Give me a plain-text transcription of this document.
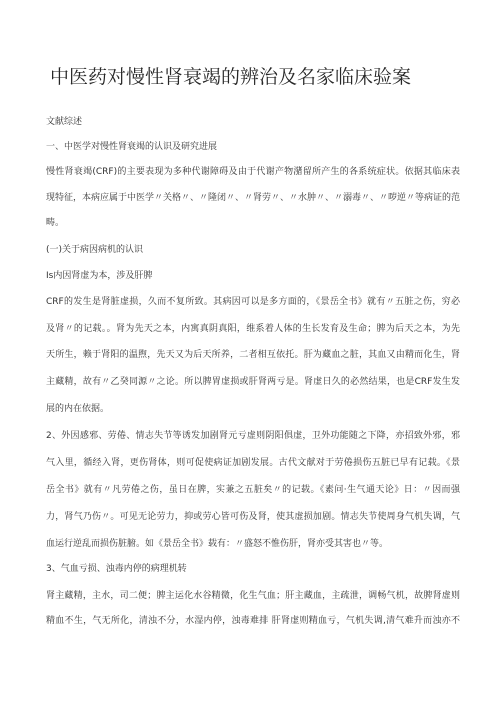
中医药对慢性肾衰竭的辨治及名家临床验案
文献综述
一、中医学对慢性肾衰竭的认识及研究进展
慢性肾衰竭(CRF)的主要表现为多种代谢障碍及由于代谢产物潴留所产生的各系统症状。依据其临床表
现特征，本病应属于中医学〃关格〃、〃隆闭〃、〃肾劳〃、〃水肿〃、〃溺毒〃、〃哕逆〃等病证的范
畴。
(一)关于病因病机的认识
Is内因肾虚为本，涉及肝脾
CRF的发生是肾脏虚损，久而不复所致。其病因可以是多方面的，《景岳全书》就有〃五脏之伤，穷必
及肾〃的记载。。肾为先天之本，内寓真阴真阳，维系着人体的生长发育及生命；脾为后天之本，为先
天所生，赖于肾阳的温煦，先天又为后天所养，二者相互依托。肝为藏血之脏，其血又由精而化生，肾
主藏精，故有〃乙癸同源〃之论。所以脾胃虚损或肝肾两亏是。肾虚日久的必然结果，也是CRF发生发
展的内在依据。
2、外因感邪、劳倦、情志失节等诱发加剧肾元亏虚则阴阳俱虚，卫外功能随之下降，亦招致外邪，邪
气入里，循经入肾，更伤肾体，则可促使病证加剧发展。古代文献对于劳倦损伤五脏已早有记载。《景
岳全书》就有〃凡劳倦之伤，虽日在脾，实兼之五脏矣〃的记载。《素问·生气通天论》日：〃因而强
力，肾气乃伤〃。可见无论劳力，抑或劳心皆可伤及肾，使其虚损加剧。情志失节使周身气机失调，气
血运行逆乱而损伤脏腑。如《景岳全书》载有：〃盛怒不惟伤肝，肾亦受其害也〃等。
3、气血亏损、浊毒内停的病理机转
肾主藏精，主水，司二便；脾主运化水谷精微，化生气血；肝主藏血，主疏泄，调畅气机，故脾肾虚则
精血不生，气无所化，清浊不分，水湿内停，浊毒难排 肝肾虚则精血亏，气机失调,清气难升而浊亦不
